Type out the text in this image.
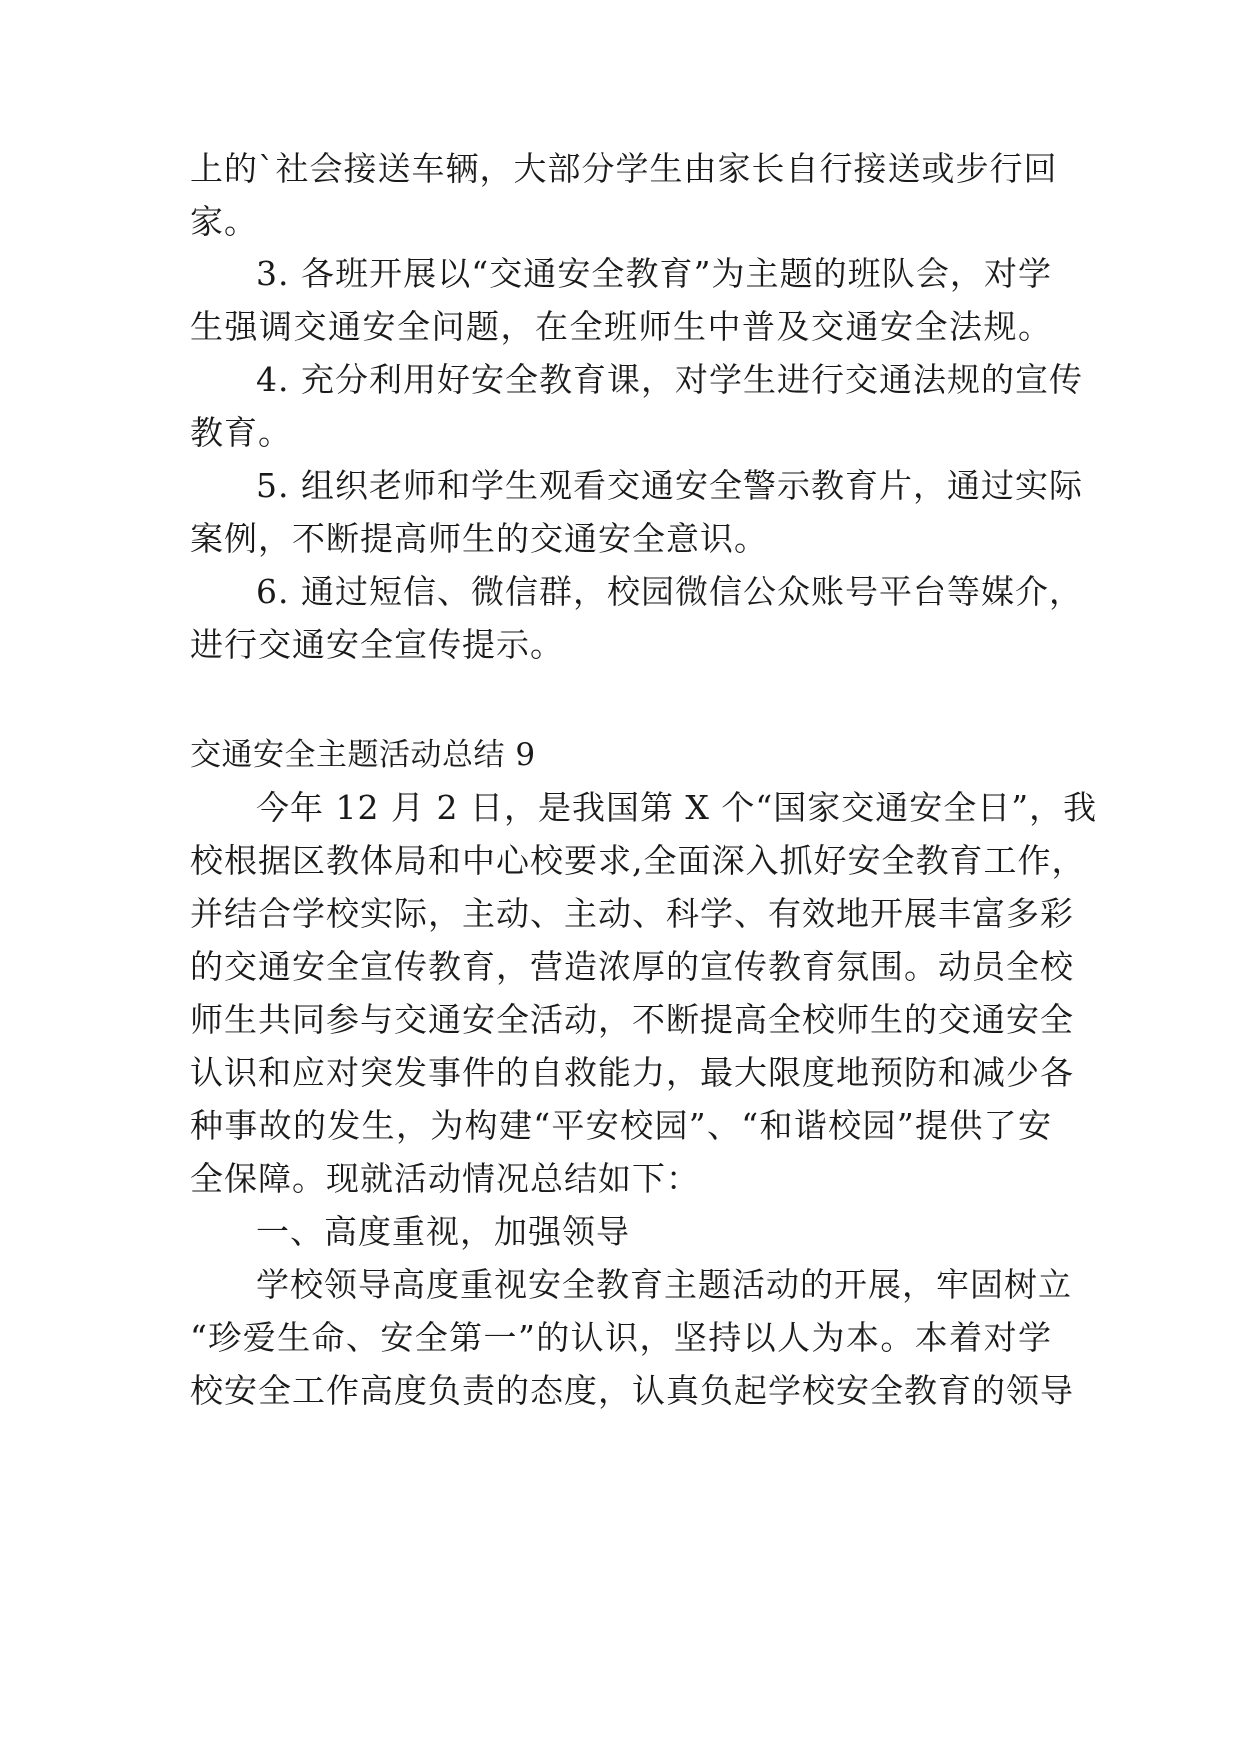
上的`社会接送车辆，大部分学生由家长自行接送或步行回
家。
3. 各班开展以“交通安全教育”为主题的班队会，对学
生强调交通安全问题，在全班师生中普及交通安全法规。
4. 充分利用好安全教育课，对学生进行交通法规的宣传
教育。
5. 组织老师和学生观看交通安全警示教育片，通过实际
案例，不断提高师生的交通安全意识。
6. 通过短信、微信群，校园微信公众账号平台等媒介，
进行交通安全宣传提示。
交通安全主题活动总结 9
今年 12 月 2 日，是我国第 X 个“国家交通安全日”，我
校根据区教体局和中心校要求,全面深入抓好安全教育工作，
并结合学校实际，主动、主动、科学、有效地开展丰富多彩
的交通安全宣传教育，营造浓厚的宣传教育氛围。动员全校
师生共同参与交通安全活动，不断提高全校师生的交通安全
认识和应对突发事件的自救能力，最大限度地预防和减少各
种事故的发生，为构建“平安校园”、“和谐校园”提供了安
全保障。现就活动情况总结如下：
一、高度重视，加强领导
学校领导高度重视安全教育主题活动的开展，牢固树立
“珍爱生命、安全第一”的认识，坚持以人为本。本着对学
校安全工作高度负责的态度，认真负起学校安全教育的领导
